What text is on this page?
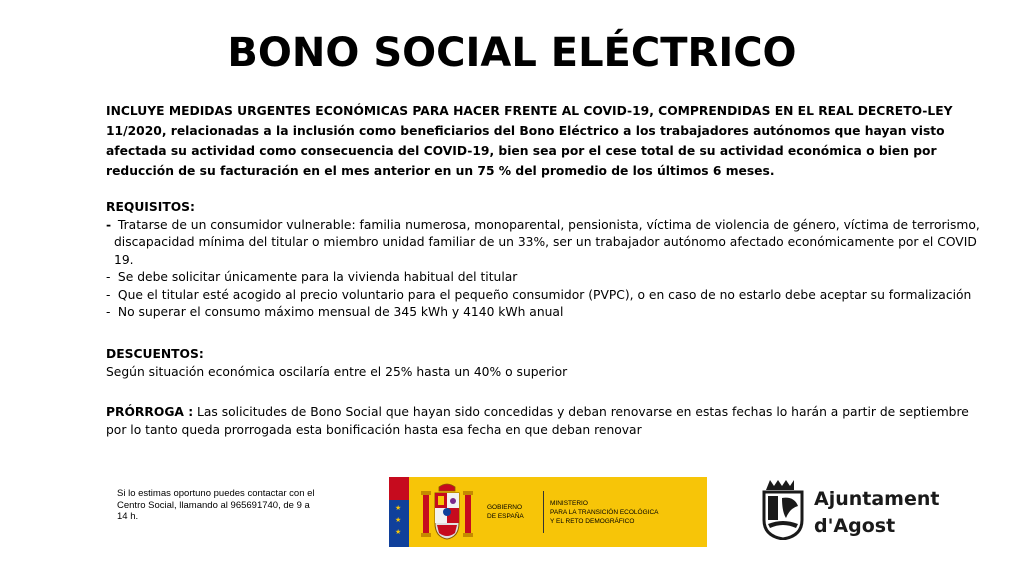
BONO SOCIAL ELÉCTRICO

INCLUYE MEDIDAS URGENTES ECONÓMICAS PARA HACER FRENTE AL COVID-19, COMPRENDIDAS EN EL REAL DECRETO-LEY 11/2020, relacionadas a la inclusión como beneficiarios del Bono Eléctrico a los trabajadores autónomos que hayan visto afectada su actividad como consecuencia del COVID-19, bien sea por el cese total de su actividad económica o bien por reducción de su facturación en el mes anterior en un 75 % del promedio de los últimos 6 meses.

REQUISITOS:

- Tratarse de un consumidor vulnerable: familia numerosa, monoparental, pensionista, víctima de violencia de género, víctima de terrorismo, discapacidad mínima del titular o miembro unidad familiar de un 33%, ser un trabajador autónomo afectado económicamente por el COVID 19.
- Se debe solicitar únicamente para la vivienda habitual del titular
- Que el titular esté acogido al precio voluntario para el pequeño consumidor (PVPC), o en caso de no estarlo debe aceptar su formalización
- No superar el consumo máximo mensual de 345 kWh y 4140 kWh anual

DESCUENTOS:

Según situación económica oscilaría entre el 25% hasta un 40% o superior

PRÓRROGA : Las solicitudes de Bono Social que hayan sido concedidas y deban renovarse en estas fechas lo harán a partir de septiembre por lo tanto queda prorrogada esta bonificación hasta esa fecha en que deban renovar

Si lo estimas oportuno puedes contactar con el Centro Social, llamando al 965691740, de 9 a 14 h.

★
★
★
GOBIERNO
DE ESPAÑA
MINISTERIO
PARA LA TRANSICIÓN ECOLÓGICA
Y EL RETO DEMOGRÁFICO
Ajuntament
d'Agost
